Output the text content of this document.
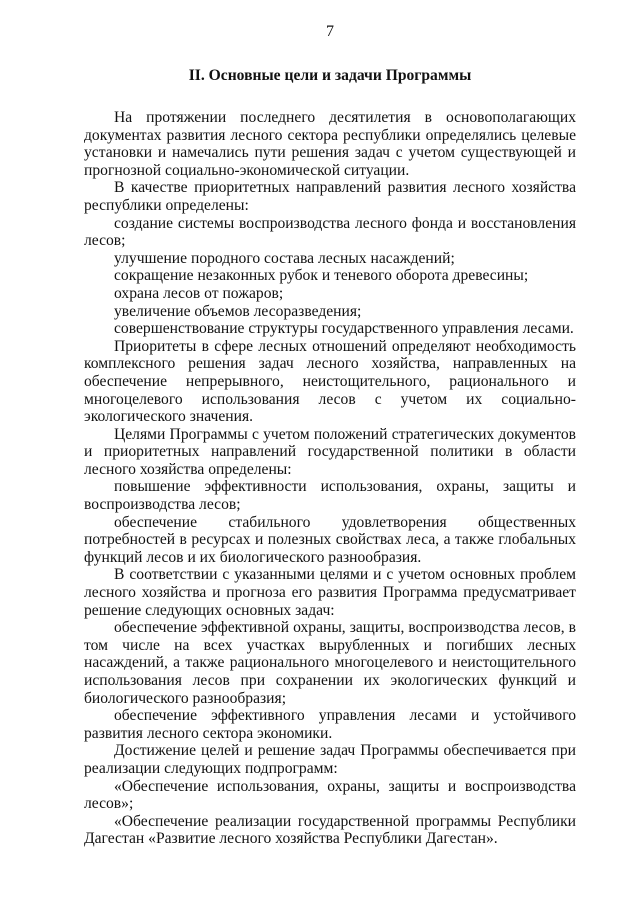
7
II. Основные цели и задачи Программы

На протяжении последнего десятилетия в основополагающих документах развития лесного сектора республики определялись целевые установки и намечались пути решения задач с учетом существующей и прогнозной социально-экономической ситуации.

В качестве приоритетных направлений развития лесного хозяйства республики определены:

создание системы воспроизводства лесного фонда и восстановления лесов;

улучшение породного состава лесных насаждений;

сокращение незаконных рубок и теневого оборота древесины;

охрана лесов от пожаров;

увеличение объемов лесоразведения;

совершенствование структуры государственного управления лесами.

Приоритеты в сфере лесных отношений определяют необходимость комплексного решения задач лесного хозяйства, направленных на обеспечение непрерывного, неистощительного, рационального и многоцелевого использования лесов с учетом их социально-экологического значения.

Целями Программы с учетом положений стратегических документов и приоритетных направлений государственной политики в области лесного хозяйства определены:

повышение эффективности использования, охраны, защиты и воспроизводства лесов;

обеспечение стабильного удовлетворения общественных потребностей в ресурсах и полезных свойствах леса, а также глобальных функций лесов и их биологического разнообразия.

В соответствии с указанными целями и с учетом основных проблем лесного хозяйства и прогноза его развития Программа предусматривает решение следующих основных задач:

обеспечение эффективной охраны, защиты, воспроизводства лесов, в том числе на всех участках вырубленных и погибших лесных насаждений, а также рационального многоцелевого и неистощительного использования лесов при сохранении их экологических функций и биологического разнообразия;

обеспечение эффективного управления лесами и устойчивого развития лесного сектора экономики.

Достижение целей и решение задач Программы обеспечивается при реализации следующих подпрограмм:

«Обеспечение использования, охраны, защиты и воспроизводства лесов»;

«Обеспечение реализации государственной программы Республики Дагестан «Развитие лесного хозяйства Республики Дагестан».
